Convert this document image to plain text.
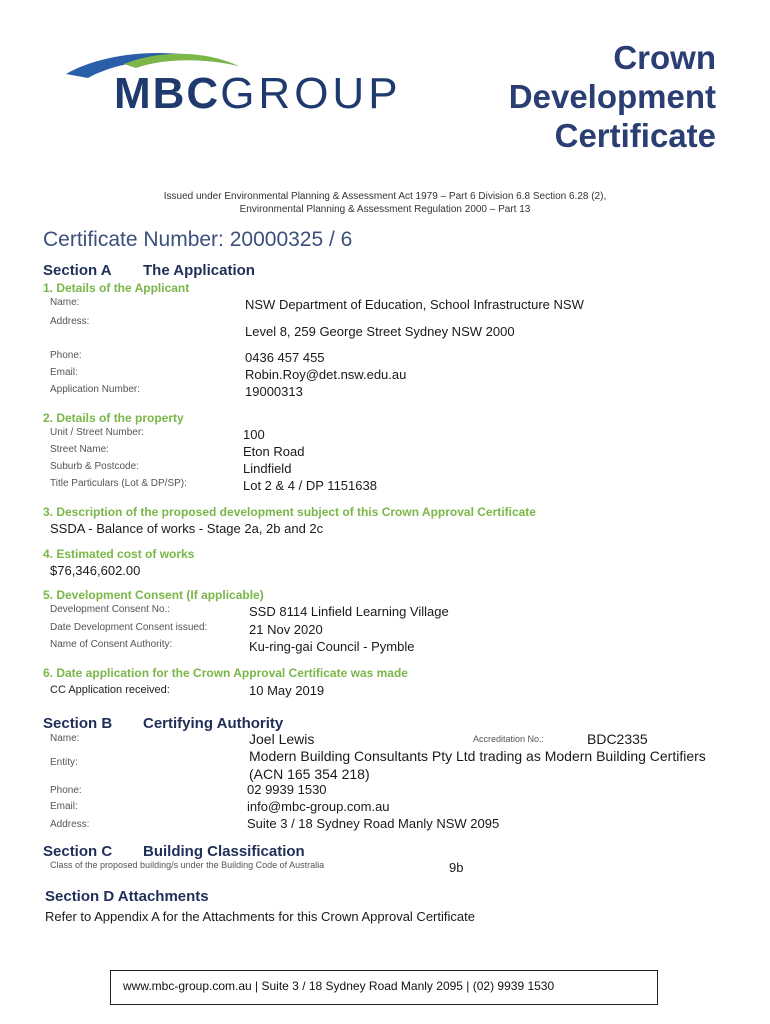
MBCGROUP
Crown
Development
Certificate
Issued under Environmental Planning & Assessment Act 1979 – Part 6 Division 6.8 Section 6.28 (2),
Environmental Planning & Assessment Regulation 2000 – Part 13
Certificate Number: 20000325 / 6
Section A The Application
1. Details of the Applicant
Name:	NSW Department of Education, School Infrastructure NSW
Address:
Level 8, 259 George Street Sydney NSW 2000
Phone:	0436 457 455
Email:	Robin.Roy@det.nsw.edu.au
Application Number:	19000313
2. Details of the property
Unit / Street Number:	100
Street Name:	Eton Road
Suburb & Postcode:	Lindfield
Title Particulars (Lot & DP/SP):	Lot 2 & 4 / DP 1151638
3. Description of the proposed development subject of this Crown Approval Certificate
SSDA - Balance of works - Stage 2a, 2b and 2c
4. Estimated cost of works
$76,346,602.00
5. Development Consent (If applicable)
Development Consent No.:	SSD 8114 Linfield Learning Village
Date Development Consent issued:	21 Nov 2020
Name of Consent Authority:	Ku-ring-gai Council - Pymble
6. Date application for the Crown Approval Certificate was made
CC Application received:	10 May 2019
Section B Certifying Authority
Name:	Joel Lewis	Accreditation No.:	BDC2335
Entity:	Modern Building Consultants Pty Ltd trading as Modern Building Certifiers (ACN 165 354 218)
Phone:	02 9939 1530
Email:	info@mbc-group.com.au
Address:	Suite 3 / 18 Sydney Road Manly NSW 2095
Section C Building Classification
Class of the proposed building/s under the Building Code of Australia	9b
Section D Attachments
Refer to Appendix A for the Attachments for this Crown Approval Certificate
www.mbc-group.com.au | Suite 3 / 18 Sydney Road Manly 2095 | (02) 9939 1530
